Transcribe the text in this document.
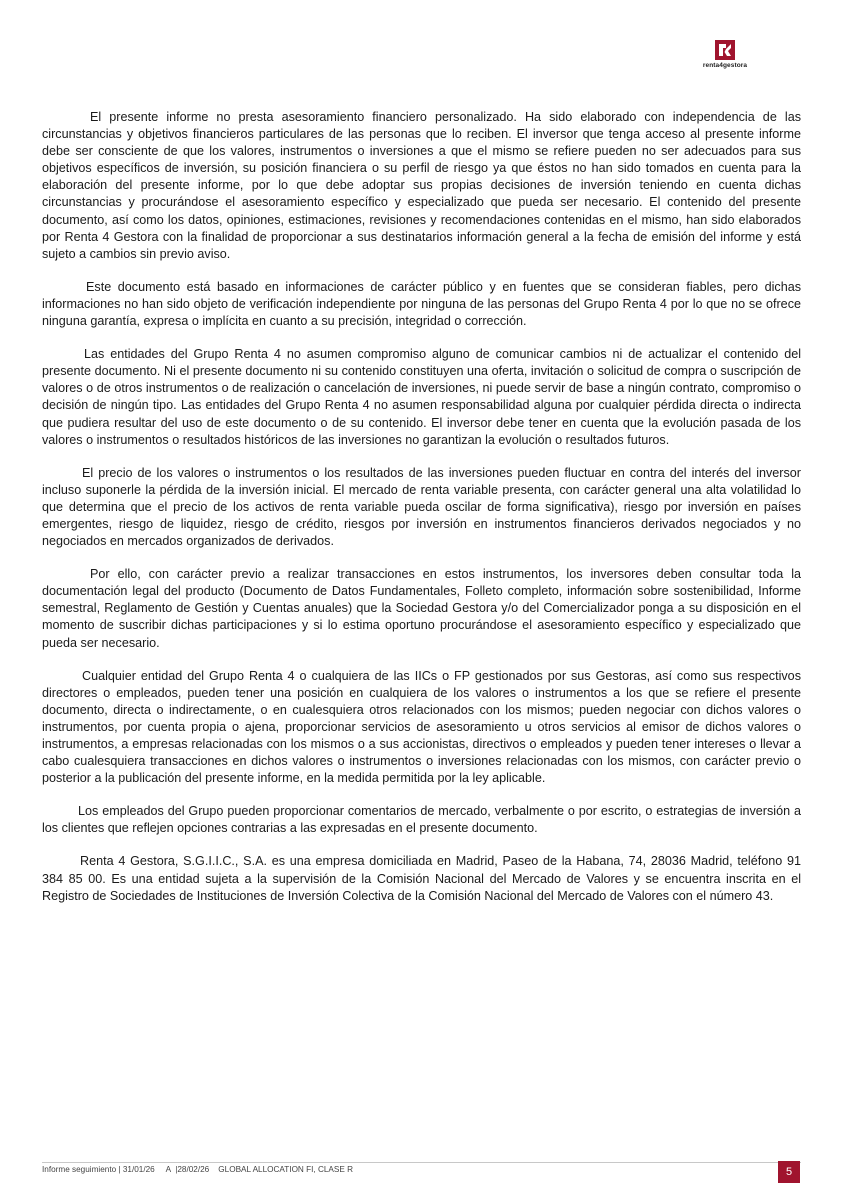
renta4gestora

El presente informe no presta asesoramiento financiero personalizado. Ha sido elaborado con independencia de las circunstancias y objetivos financieros particulares de las personas que lo reciben. El inversor que tenga acceso al presente informe debe ser consciente de que los valores, instrumentos o inversiones a que el mismo se refiere pueden no ser adecuados para sus objetivos específicos de inversión, su posición financiera o su perfil de riesgo ya que éstos no han sido tomados en cuenta para la elaboración del presente informe, por lo que debe adoptar sus propias decisiones de inversión teniendo en cuenta dichas circunstancias y procurándose el asesoramiento específico y especializado que pueda ser necesario. El contenido del presente documento, así como los datos, opiniones, estimaciones, revisiones y recomendaciones contenidas en el mismo, han sido elaborados por Renta 4 Gestora con la finalidad de proporcionar a sus destinatarios información general a la fecha de emisión del informe y está sujeto a cambios sin previo aviso.

Este documento está basado en informaciones de carácter público y en fuentes que se consideran fiables, pero dichas informaciones no han sido objeto de verificación independiente por ninguna de las personas del Grupo Renta 4 por lo que no se ofrece ninguna garantía, expresa o implícita en cuanto a su precisión, integridad o corrección.

Las entidades del Grupo Renta 4 no asumen compromiso alguno de comunicar cambios ni de actualizar el contenido del presente documento. Ni el presente documento ni su contenido constituyen una oferta, invitación o solicitud de compra o suscripción de valores o de otros instrumentos o de realización o cancelación de inversiones, ni puede servir de base a ningún contrato, compromiso o decisión de ningún tipo. Las entidades del Grupo Renta 4 no asumen responsabilidad alguna por cualquier pérdida directa o indirecta que pudiera resultar del uso de este documento o de su contenido. El inversor debe tener en cuenta que la evolución pasada de los valores o instrumentos o resultados históricos de las inversiones no garantizan la evolución o resultados futuros.

El precio de los valores o instrumentos o los resultados de las inversiones pueden fluctuar en contra del interés del inversor incluso suponerle la pérdida de la inversión inicial. El mercado de renta variable presenta, con carácter general una alta volatilidad lo que determina que el precio de los activos de renta variable pueda oscilar de forma significativa), riesgo por inversión en países emergentes, riesgo de liquidez, riesgo de crédito, riesgos por inversión en instrumentos financieros derivados negociados y no negociados en mercados organizados de derivados.

Por ello, con carácter previo a realizar transacciones en estos instrumentos, los inversores deben consultar toda la documentación legal del producto (Documento de Datos Fundamentales, Folleto completo, información sobre sostenibilidad, Informe semestral, Reglamento de Gestión y Cuentas anuales) que la Sociedad Gestora y/o del Comercializador ponga a su disposición en el momento de suscribir dichas participaciones y si lo estima oportuno procurándose el asesoramiento específico y especializado que pueda ser necesario.

Cualquier entidad del Grupo Renta 4 o cualquiera de las IICs o FP gestionados por sus Gestoras, así como sus respectivos directores o empleados, pueden tener una posición en cualquiera de los valores o instrumentos a los que se refiere el presente documento, directa o indirectamente, o en cualesquiera otros relacionados con los mismos; pueden negociar con dichos valores o instrumentos, por cuenta propia o ajena, proporcionar servicios de asesoramiento u otros servicios al emisor de dichos valores o instrumentos, a empresas relacionadas con los mismos o a sus accionistas, directivos o empleados y pueden tener intereses o llevar a cabo cualesquiera transacciones en dichos valores o instrumentos o inversiones relacionadas con los mismos, con carácter previo o posterior a la publicación del presente informe, en la medida permitida por la ley aplicable.

Los empleados del Grupo pueden proporcionar comentarios de mercado, verbalmente o por escrito, o estrategias de inversión a los clientes que reflejen opciones contrarias a las expresadas en el presente documento.

Renta 4 Gestora, S.G.I.I.C., S.A. es una empresa domiciliada en Madrid, Paseo de la Habana, 74, 28036 Madrid, teléfono 91 384 85 00. Es una entidad sujeta a la supervisión de la Comisión Nacional del Mercado de Valores y se encuentra inscrita en el Registro de Sociedades de Instituciones de Inversión Colectiva de la Comisión Nacional del Mercado de Valores con el número 43.

Informe seguimiento | 31/01/26     A  |28/02/26    GLOBAL ALLOCATION FI, CLASE R	5
